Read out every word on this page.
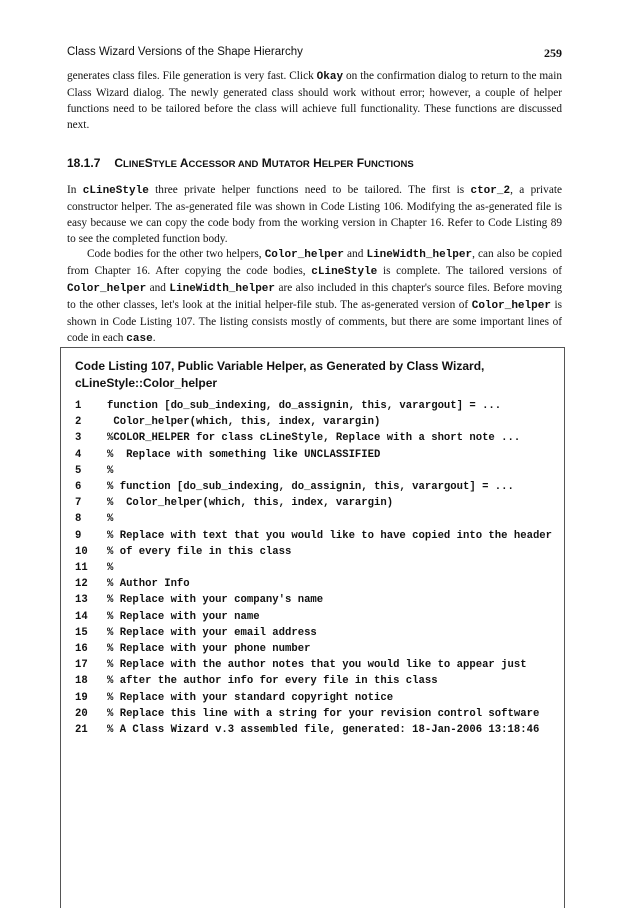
Class Wizard Versions of the Shape Hierarchy	259
generates class files. File generation is very fast. Click Okay on the confirmation dialog to return to the main Class Wizard dialog. The newly generated class should work without error; however, a couple of helper functions need to be tailored before the class will achieve full functionality. These functions are discussed next.
18.1.7 CLINESTYLE ACCESSOR AND MUTATOR HELPER FUNCTIONS
In cLineStyle three private helper functions need to be tailored. The first is ctor_2, a private constructor helper. The as-generated file was shown in Code Listing 106. Modifying the as-generated file is easy because we can copy the code body from the working version in Chapter 16. Refer to Code Listing 89 to see the completed function body.
Code bodies for the other two helpers, Color_helper and LineWidth_helper, can also be copied from Chapter 16. After copying the code bodies, cLineStyle is complete. The tailored versions of Color_helper and LineWidth_helper are also included in this chapter's source files. Before moving to the other classes, let's look at the initial helper-file stub. The as-generated version of Color_helper is shown in Code Listing 107. The listing consists mostly of comments, but there are some important lines of code in each case.
Code Listing 107, Public Variable Helper, as Generated by Class Wizard,
cLineStyle::Color_helper
1	function [do_sub_indexing, do_assignin, this, varargout] = ...
2	Color_helper(which, this, index, varargin)
3	%COLOR_HELPER for class cLineStyle, Replace with a short note ...
4	%  Replace with something like UNCLASSIFIED
5	%
6	% function [do_sub_indexing, do_assignin, this, varargout] = ...
7	%  Color_helper(which, this, index, varargin)
8	%
9	% Replace with text that you would like to have copied into the header
10	% of every file in this class
11	%
12	% Author Info
13	% Replace with your company's name
14	% Replace with your name
15	% Replace with your email address
16	% Replace with your phone number
17	% Replace with the author notes that you would like to appear just
18	% after the author info for every file in this class
19	% Replace with your standard copyright notice
20	% Replace this line with a string for your revision control software
21	% A Class Wizard v.3 assembled file, generated: 18-Jan-2006 13:18:46
